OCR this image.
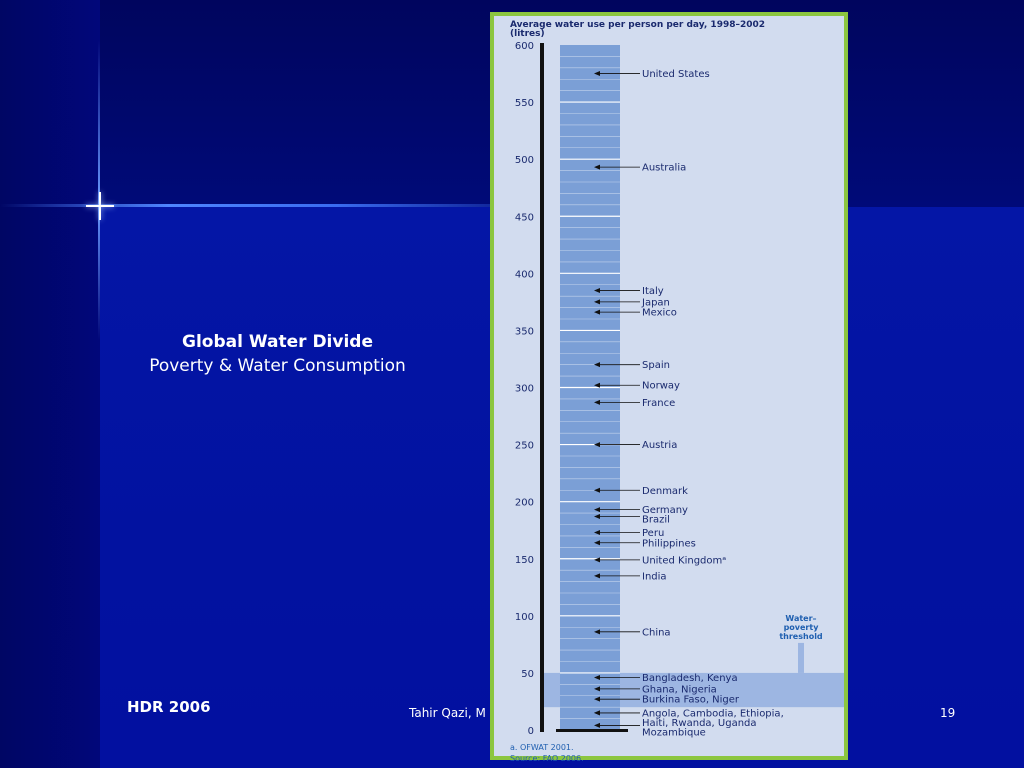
Global Water Divide
Poverty & Water Consumption
HDR 2006	Tahir Qazi, M	19
Water–
poverty
threshold
0
50
100
150
200
250
300
350
400
450
500
550
600
United States
Australia
Italy
Japan
Mexico
Spain
Norway
France
Austria
Denmark
Germany
Brazil
Peru
Philippines
United Kingdomᵃ
India
China
Bangladesh, Kenya
Ghana, Nigeria
Burkina Faso, Niger
Angola, Cambodia, Ethiopia,
Haiti, Rwanda, Uganda
Mozambique
Average water use per person per day, 1998–2002
(litres)
a. OFWAT 2001.
Source: FAO 2006.
